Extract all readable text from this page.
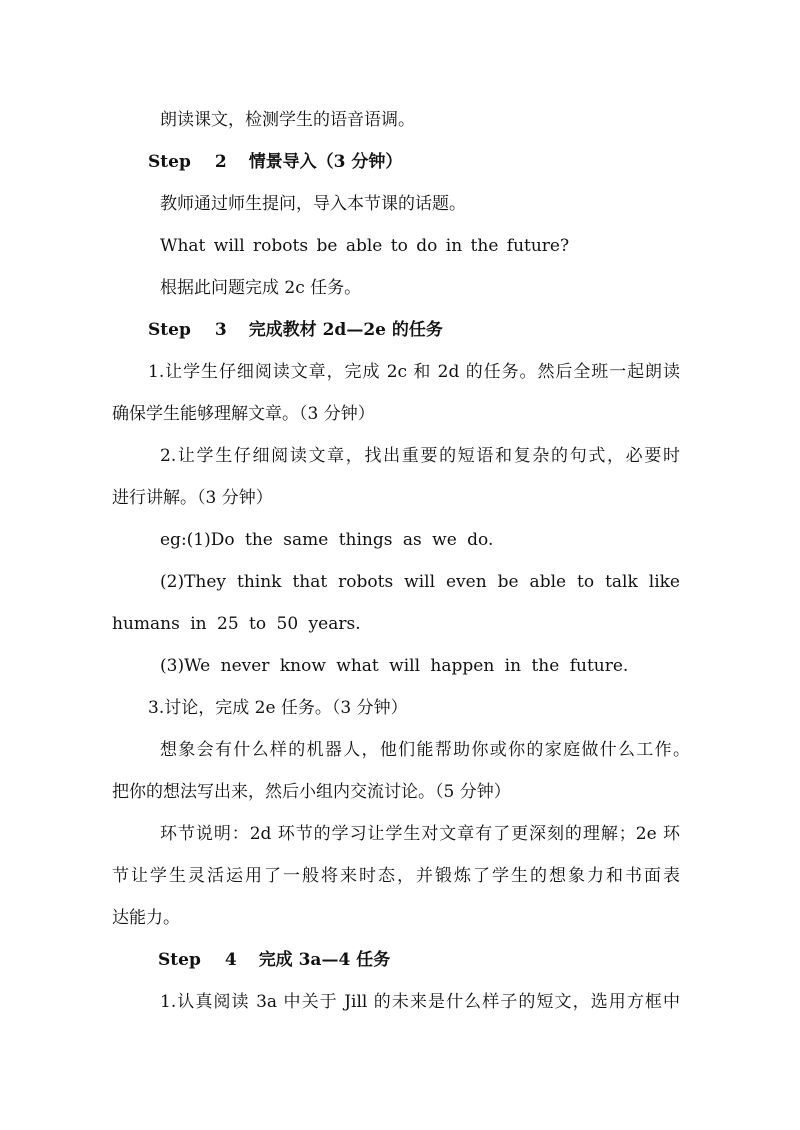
朗读课文，检测学生的语音语调。
Step 2 情景导入（3 分钟）
教师通过师生提问，导入本节课的话题。
What will robots be able to do in the future?
根据此问题完成 2c 任务。
Step 3 完成教材 2d—2e 的任务
1.让学生仔细阅读文章，完成 2c 和 2d 的任务。然后全班一起朗读
确保学生能够理解文章。（3 分钟）
2.让学生仔细阅读文章，找出重要的短语和复杂的句式，必要时
进行讲解。（3 分钟）
eg:(1)Do the same things as we do.
(2)They think that robots will even be able to talk like
humans in 25 to 50 years.
(3)We never know what will happen in the future.
3.讨论，完成 2e 任务。（3 分钟）
想象会有什么样的机器人，他们能帮助你或你的家庭做什么工作。
把你的想法写出来，然后小组内交流讨论。（5 分钟）
环节说明：2d 环节的学习让学生对文章有了更深刻的理解；2e 环
节让学生灵活运用了一般将来时态，并锻炼了学生的想象力和书面表
达能力。
Step 4 完成 3a—4 任务
1.认真阅读 3a 中关于 Jill 的未来是什么样子的短文，选用方框中
